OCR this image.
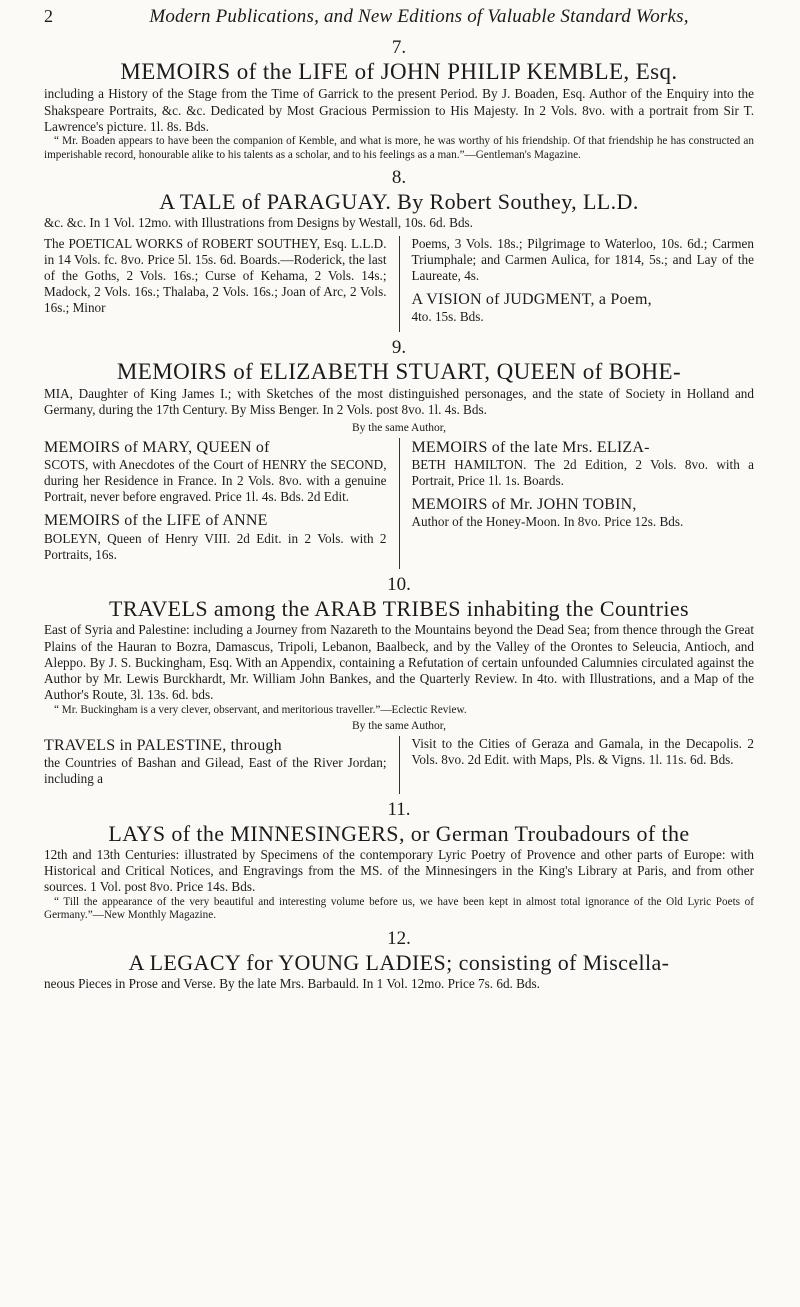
2	Modern Publications, and New Editions of Valuable Standard Works,
7.
MEMOIRS of the LIFE of JOHN PHILIP KEMBLE, Esq.

including a History of the Stage from the Time of Garrick to the present Period. By J. Boaden, Esq. Author of the Enquiry into the Shakspeare Portraits, &c. &c. Dedicated by Most Gracious Permission to His Majesty. In 2 Vols. 8vo. with a portrait from Sir T. Lawrence's picture. 1l. 8s. Bds.

“ Mr. Boaden appears to have been the companion of Kemble, and what is more, he was worthy of his friendship. Of that friendship he has constructed an imperishable record, honourable alike to his talents as a scholar, and to his feelings as a man.”—Gentleman's Magazine.

8.
A TALE of PARAGUAY. By Robert Southey, LL.D.

&c. &c. In 1 Vol. 12mo. with Illustrations from Designs by Westall, 10s. 6d. Bds.

The POETICAL WORKS of ROBERT SOUTHEY, Esq. L.L.D. in 14 Vols. fc. 8vo. Price 5l. 15s. 6d. Boards.—Roderick, the last of the Goths, 2 Vols. 16s.; Curse of Kehama, 2 Vols. 14s.; Madock, 2 Vols. 16s.; Thalaba, 2 Vols. 16s.; Joan of Arc, 2 Vols. 16s.; Minor

Poems, 3 Vols. 18s.; Pilgrimage to Waterloo, 10s. 6d.; Carmen Triumphale; and Carmen Aulica, for 1814, 5s.; and Lay of the Laureate, 4s.

A VISION of JUDGMENT, a Poem,

4to. 15s. Bds.

9.
MEMOIRS of ELIZABETH STUART, QUEEN of BOHE-

MIA, Daughter of King James I.; with Sketches of the most distinguished personages, and the state of Society in Holland and Germany, during the 17th Century. By Miss Benger. In 2 Vols. post 8vo. 1l. 4s. Bds.

By the same Author,
MEMOIRS of MARY, QUEEN of

SCOTS, with Anecdotes of the Court of HENRY the SECOND, during her Residence in France. In 2 Vols. 8vo. with a genuine Portrait, never before engraved. Price 1l. 4s. Bds. 2d Edit.

MEMOIRS of the LIFE of ANNE

BOLEYN, Queen of Henry VIII. 2d Edit. in 2 Vols. with 2 Portraits, 16s.

MEMOIRS of the late Mrs. ELIZA-

BETH HAMILTON. The 2d Edition, 2 Vols. 8vo. with a Portrait, Price 1l. 1s. Boards.

MEMOIRS of Mr. JOHN TOBIN,

Author of the Honey-Moon. In 8vo. Price 12s. Bds.

10.
TRAVELS among the ARAB TRIBES inhabiting the Countries

East of Syria and Palestine: including a Journey from Nazareth to the Mountains beyond the Dead Sea; from thence through the Great Plains of the Hauran to Bozra, Damascus, Tripoli, Lebanon, Baalbeck, and by the Valley of the Orontes to Seleucia, Antioch, and Aleppo. By J. S. Buckingham, Esq. With an Appendix, containing a Refutation of certain unfounded Calumnies circulated against the Author by Mr. Lewis Burckhardt, Mr. William John Bankes, and the Quarterly Review. In 4to. with Illustrations, and a Map of the Author's Route, 3l. 13s. 6d. bds.

“ Mr. Buckingham is a very clever, observant, and meritorious traveller.”—Eclectic Review.

By the same Author,
TRAVELS in PALESTINE, through

the Countries of Bashan and Gilead, East of the River Jordan; including a

Visit to the Cities of Geraza and Gamala, in the Decapolis. 2 Vols. 8vo. 2d Edit. with Maps, Pls. & Vigns. 1l. 11s. 6d. Bds.

11.
LAYS of the MINNESINGERS, or German Troubadours of the

12th and 13th Centuries: illustrated by Specimens of the contemporary Lyric Poetry of Provence and other parts of Europe: with Historical and Critical Notices, and Engravings from the MS. of the Minnesingers in the King's Library at Paris, and from other sources. 1 Vol. post 8vo. Price 14s. Bds.

“ Till the appearance of the very beautiful and interesting volume before us, we have been kept in almost total ignorance of the Old Lyric Poets of Germany.”—New Monthly Magazine.

12.
A LEGACY for YOUNG LADIES; consisting of Miscella-

neous Pieces in Prose and Verse. By the late Mrs. Barbauld. In 1 Vol. 12mo. Price 7s. 6d. Bds.
